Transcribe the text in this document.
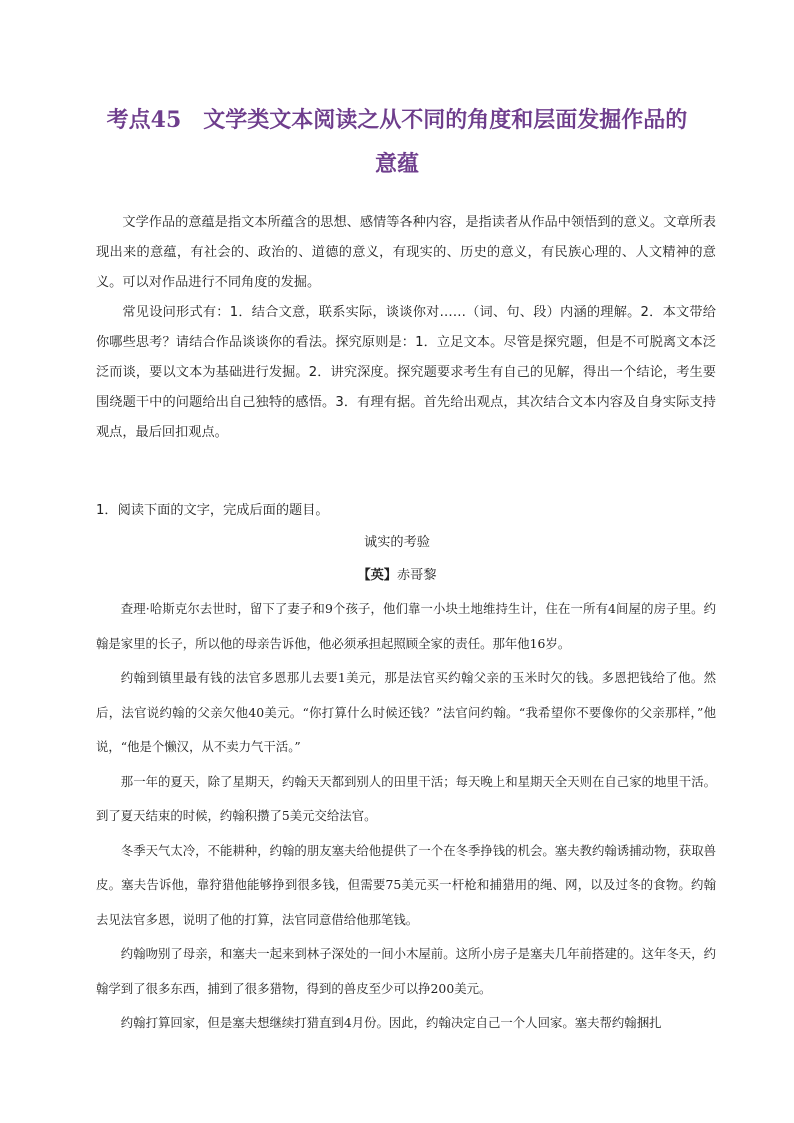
考点45 文学类文本阅读之从不同的角度和层面发掘作品的
意蕴

文学作品的意蕴是指文本所蕴含的思想、感情等各种内容，是指读者从作品中领悟到的意义。文章所表现出来的意蕴，有社会的、政治的、道德的意义，有现实的、历史的意义，有民族心理的、人文精神的意义。可以对作品进行不同角度的发掘。

常见设问形式有：1．结合文意，联系实际，谈谈你对……（词、句、段）内涵的理解。2．本文带给你哪些思考？请结合作品谈谈你的看法。探究原则是：1．立足文本。尽管是探究题，但是不可脱离文本泛泛而谈，要以文本为基础进行发掘。2．讲究深度。探究题要求考生有自己的见解，得出一个结论，考生要围绕题干中的问题给出自己独特的感悟。3．有理有据。首先给出观点，其次结合文本内容及自身实际支持观点，最后回扣观点。

1．阅读下面的文字，完成后面的题目。
诚实的考验
【英】赤哥黎

查理·哈斯克尔去世时，留下了妻子和9个孩子，他们靠一小块土地维持生计，住在一所有4间屋的房子里。约翰是家里的长子，所以他的母亲告诉他，他必须承担起照顾全家的责任。那年他16岁。

约翰到镇里最有钱的法官多恩那儿去要1美元，那是法官买约翰父亲的玉米时欠的钱。多恩把钱给了他。然后，法官说约翰的父亲欠他40美元。“你打算什么时候还钱？”法官问约翰。“我希望你不要像你的父亲那样，”他说，“他是个懒汉，从不卖力气干活。”

那一年的夏天，除了星期天，约翰天天都到别人的田里干活；每天晚上和星期天全天则在自己家的地里干活。到了夏天结束的时候，约翰积攒了5美元交给法官。

冬季天气太冷，不能耕种，约翰的朋友塞夫给他提供了一个在冬季挣钱的机会。塞夫教约翰诱捕动物，获取兽皮。塞夫告诉他，靠狩猎他能够挣到很多钱，但需要75美元买一杆枪和捕猎用的绳、网，以及过冬的食物。约翰去见法官多恩，说明了他的打算，法官同意借给他那笔钱。

约翰吻别了母亲，和塞夫一起来到林子深处的一间小木屋前。这所小房子是塞夫几年前搭建的。这年冬天，约翰学到了很多东西，捕到了很多猎物，得到的兽皮至少可以挣200美元。

约翰打算回家，但是塞夫想继续打猎直到4月份。因此，约翰决定自己一个人回家。塞夫帮约翰捆扎
